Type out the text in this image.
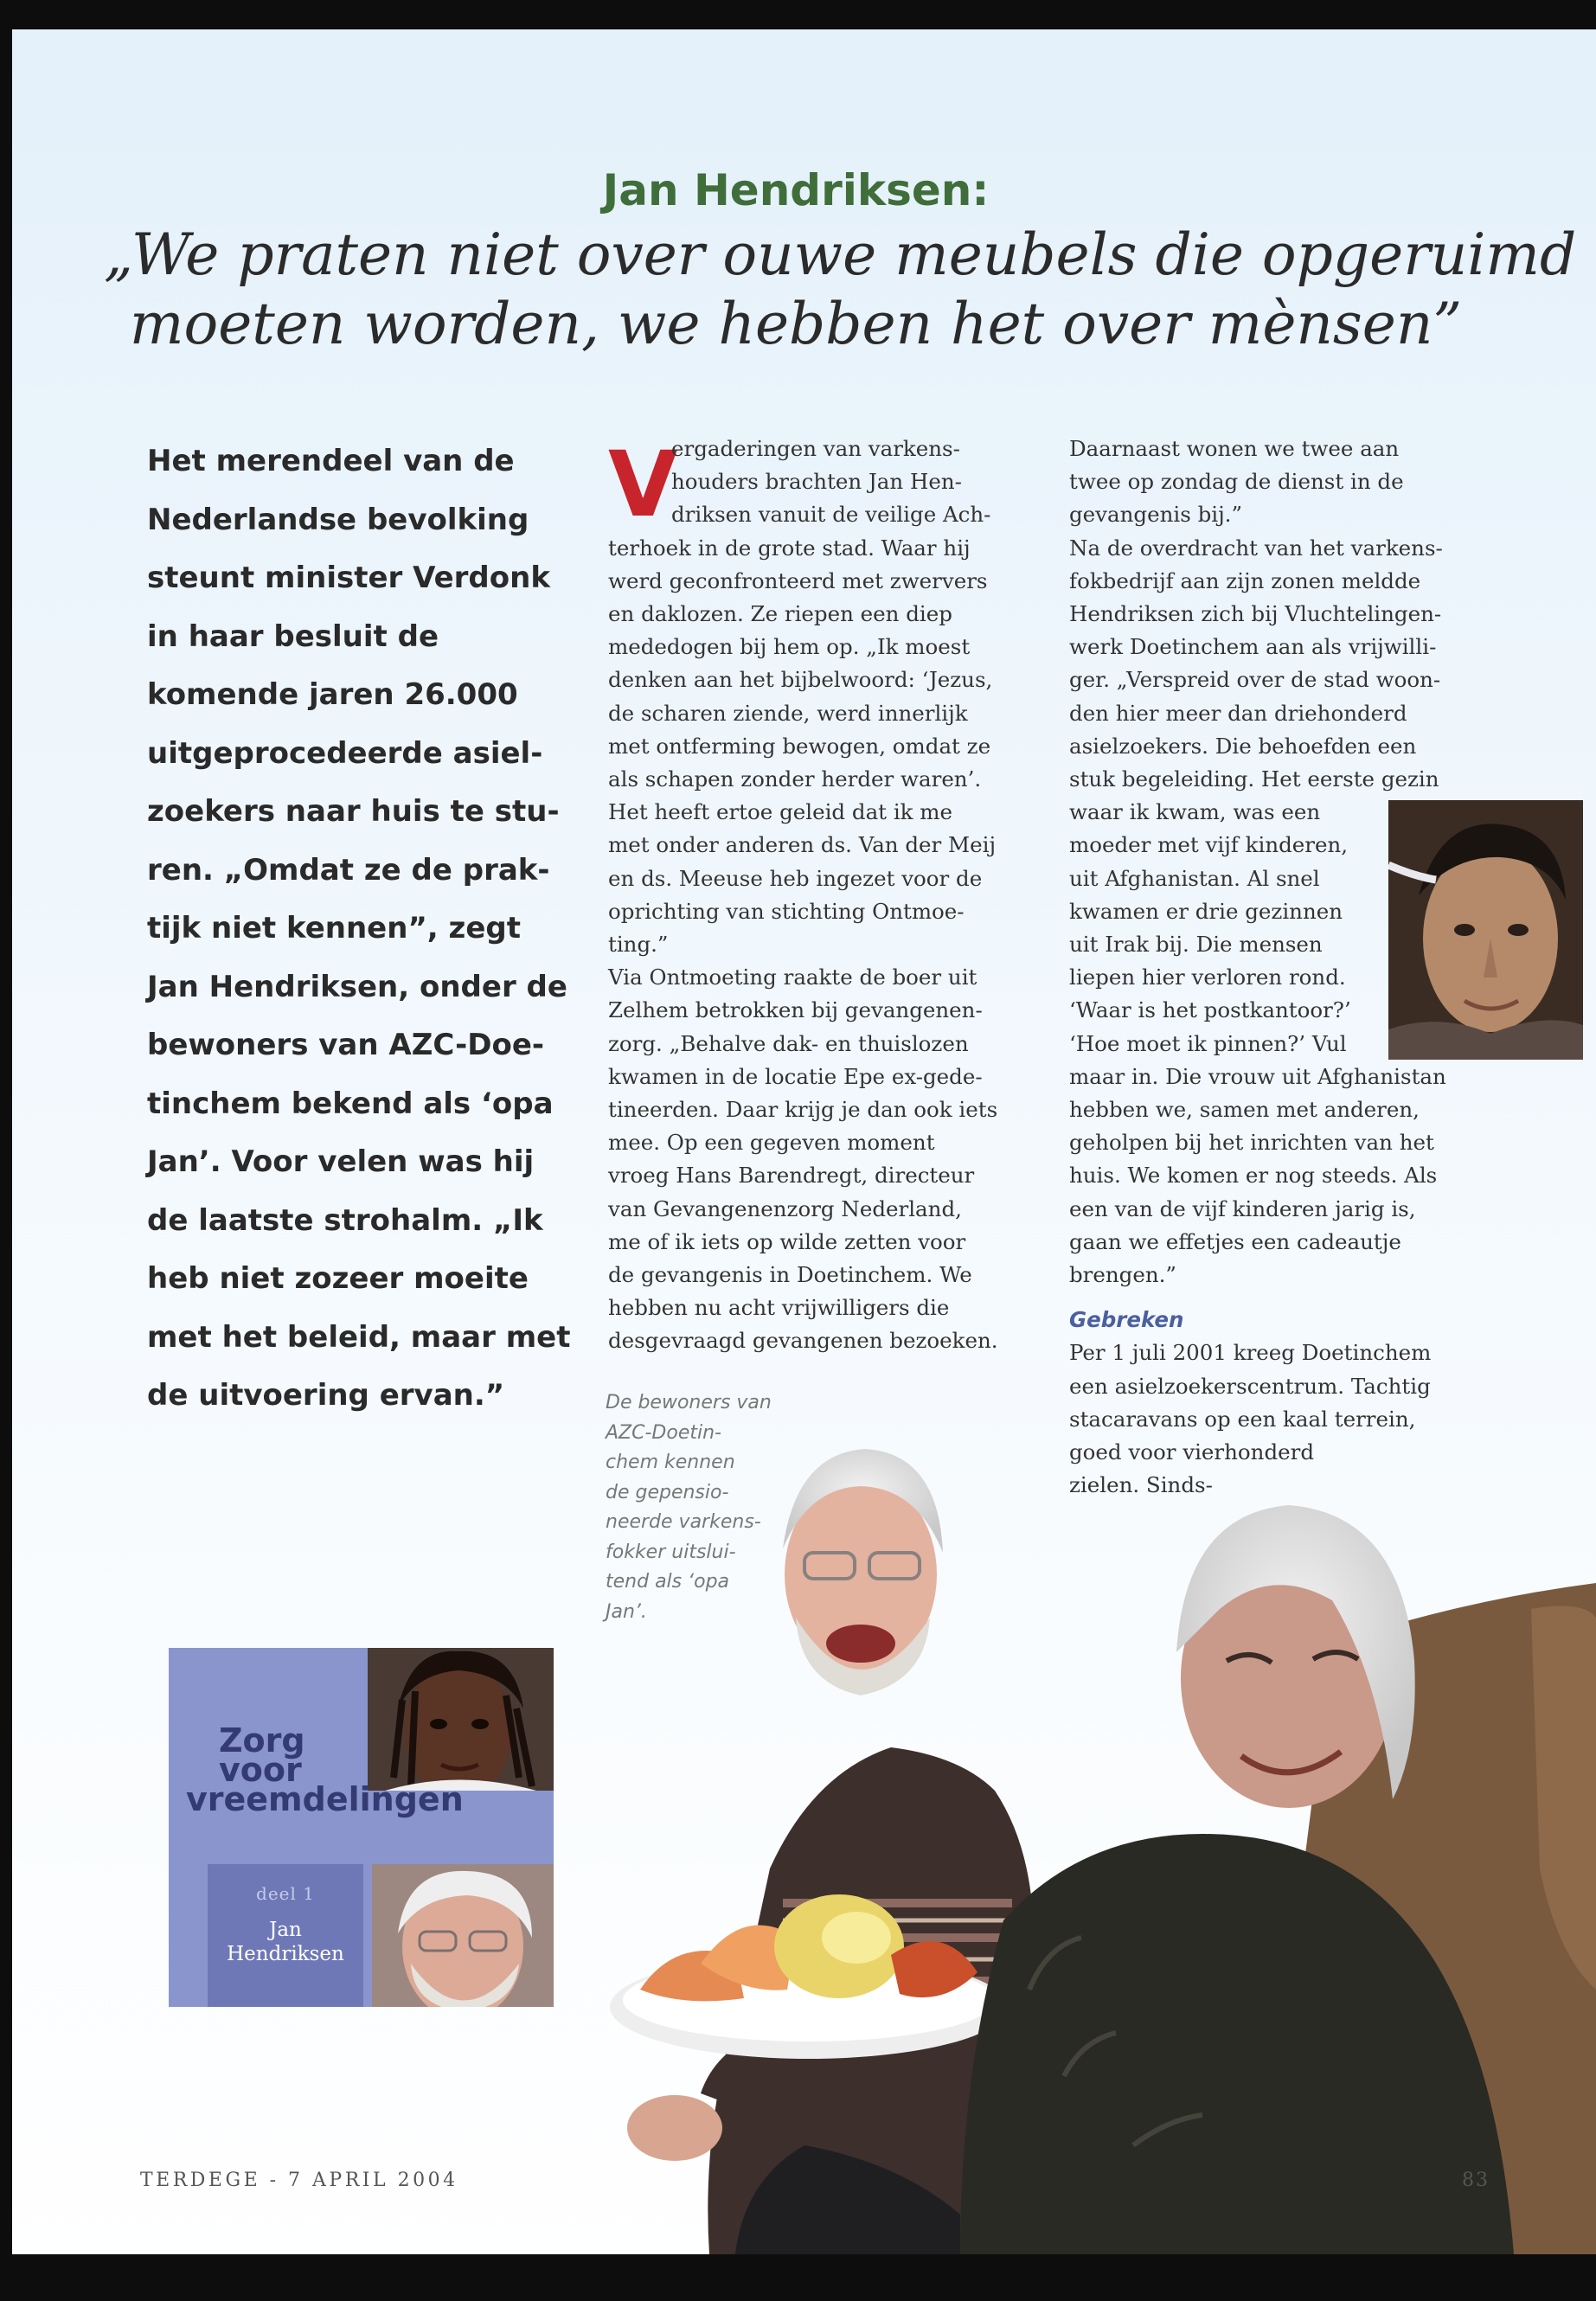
Jan Hendriksen:
„We praten niet over ouwe meubels die opgeruimd
moeten worden, we hebben het over mènsen”
Het merendeel van de
Nederlandse bevolking
steunt minister Verdonk
in haar besluit de
komende jaren 26.000
uitgeprocedeerde asiel-
zoekers naar huis te stu-
ren. „Omdat ze de prak-
tijk niet kennen”, zegt
Jan Hendriksen, onder de
bewoners van AZC-Doe-
tinchem bekend als ‘opa
Jan’. Voor velen was hij
de laatste strohalm. „Ik
heb niet zozeer moeite
met het beleid, maar met
de uitvoering ervan.”
V
ergaderingen van varkens-
houders brachten Jan Hen-
driksen vanuit de veilige Ach-
terhoek in de grote stad. Waar hij
werd geconfronteerd met zwervers
en daklozen. Ze riepen een diep
mededogen bij hem op. „Ik moest
denken aan het bijbelwoord: ‘Jezus,
de scharen ziende, werd innerlijk
met ontferming bewogen, omdat ze
als schapen zonder herder waren’.
Het heeft ertoe geleid dat ik me
met onder anderen ds. Van der Meij
en ds. Meeuse heb ingezet voor de
oprichting van stichting Ontmoe-
ting.”
Via Ontmoeting raakte de boer uit
Zelhem betrokken bij gevangenen-
zorg. „Behalve dak- en thuislozen
kwamen in de locatie Epe ex-gede-
tineerden. Daar krijg je dan ook iets
mee. Op een gegeven moment
vroeg Hans Barendregt, directeur
van Gevangenenzorg Nederland,
me of ik iets op wilde zetten voor
de gevangenis in Doetinchem. We
hebben nu acht vrijwilligers die
desgevraagd gevangenen bezoeken.
Daarnaast wonen we twee aan
twee op zondag de dienst in de
gevangenis bij.”
Na de overdracht van het varkens-
fokbedrijf aan zijn zonen meldde
Hendriksen zich bij Vluchtelingen-
werk Doetinchem aan als vrijwilli-
ger. „Verspreid over de stad woon-
den hier meer dan driehonderd
asielzoekers. Die behoefden een
stuk begeleiding. Het eerste gezin
waar ik kwam, was een
moeder met vijf kinderen,
uit Afghanistan. Al snel
kwamen er drie gezinnen
uit Irak bij. Die mensen
liepen hier verloren rond.
‘Waar is het postkantoor?’
‘Hoe moet ik pinnen?’ Vul
maar in. Die vrouw uit Afghanistan
hebben we, samen met anderen,
geholpen bij het inrichten van het
huis. We komen er nog steeds. Als
een van de vijf kinderen jarig is,
gaan we effetjes een cadeautje
brengen.”
Gebreken
Per 1 juli 2001 kreeg Doetinchem
een asielzoekerscentrum. Tachtig
stacaravans op een kaal terrein,
goed voor vierhonderd
zielen. Sinds-
De bewoners van
AZC-Doetin-
chem kennen
de gepensio-
neerde varkens-
fokker uitslui-
tend als ‘opa
Jan’.
Zorg
voor
vreemdelingen
deel 1
Jan
Hendriksen
TERDEGE - 7 APRIL 2004	83
